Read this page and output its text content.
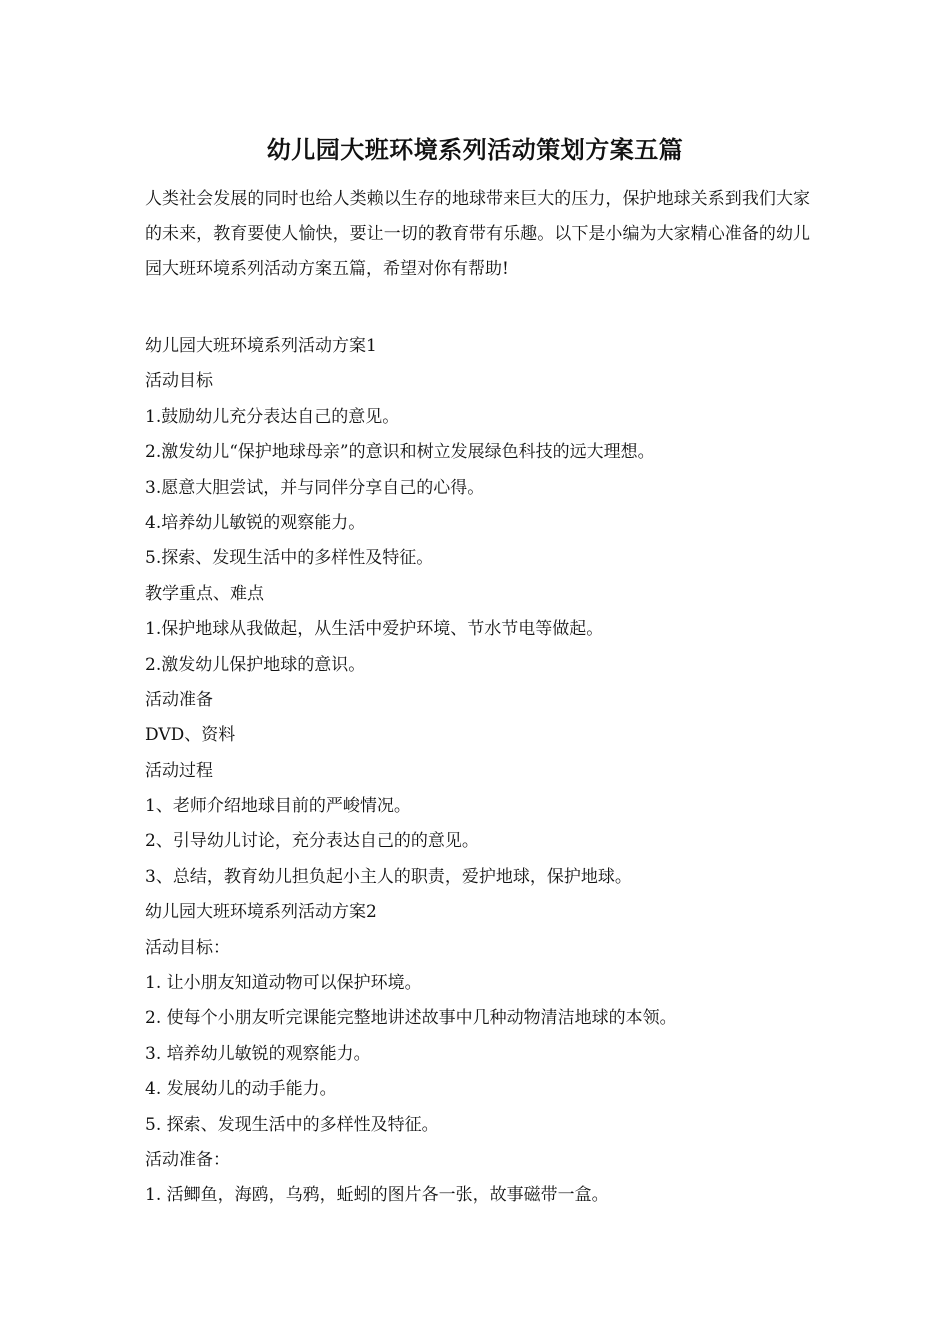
幼儿园大班环境系列活动策划方案五篇
人类社会发展的同时也给人类赖以生存的地球带来巨大的压力，保护地球关系到我们大家的未来，教育要使人愉快，要让一切的教育带有乐趣。以下是小编为大家精心准备的幼儿园大班环境系列活动方案五篇，希望对你有帮助!
幼儿园大班环境系列活动方案1
活动目标
1.鼓励幼儿充分表达自己的意见。
2.激发幼儿“保护地球母亲”的意识和树立发展绿色科技的远大理想。
3.愿意大胆尝试，并与同伴分享自己的心得。
4.培养幼儿敏锐的观察能力。
5.探索、发现生活中的多样性及特征。
教学重点、难点
1.保护地球从我做起，从生活中爱护环境、节水节电等做起。
2.激发幼儿保护地球的意识。
活动准备
DVD、资料
活动过程
1、老师介绍地球目前的严峻情况。
2、引导幼儿讨论，充分表达自己的的意见。
3、总结，教育幼儿担负起小主人的职责，爱护地球，保护地球。
幼儿园大班环境系列活动方案2
活动目标：
1. 让小朋友知道动物可以保护环境。
2. 使每个小朋友听完课能完整地讲述故事中几种动物清洁地球的本领。
3. 培养幼儿敏锐的观察能力。
4. 发展幼儿的动手能力。
5. 探索、发现生活中的多样性及特征。
活动准备：
1. 活鲫鱼，海鸥，乌鸦，蚯蚓的图片各一张，故事磁带一盒。
